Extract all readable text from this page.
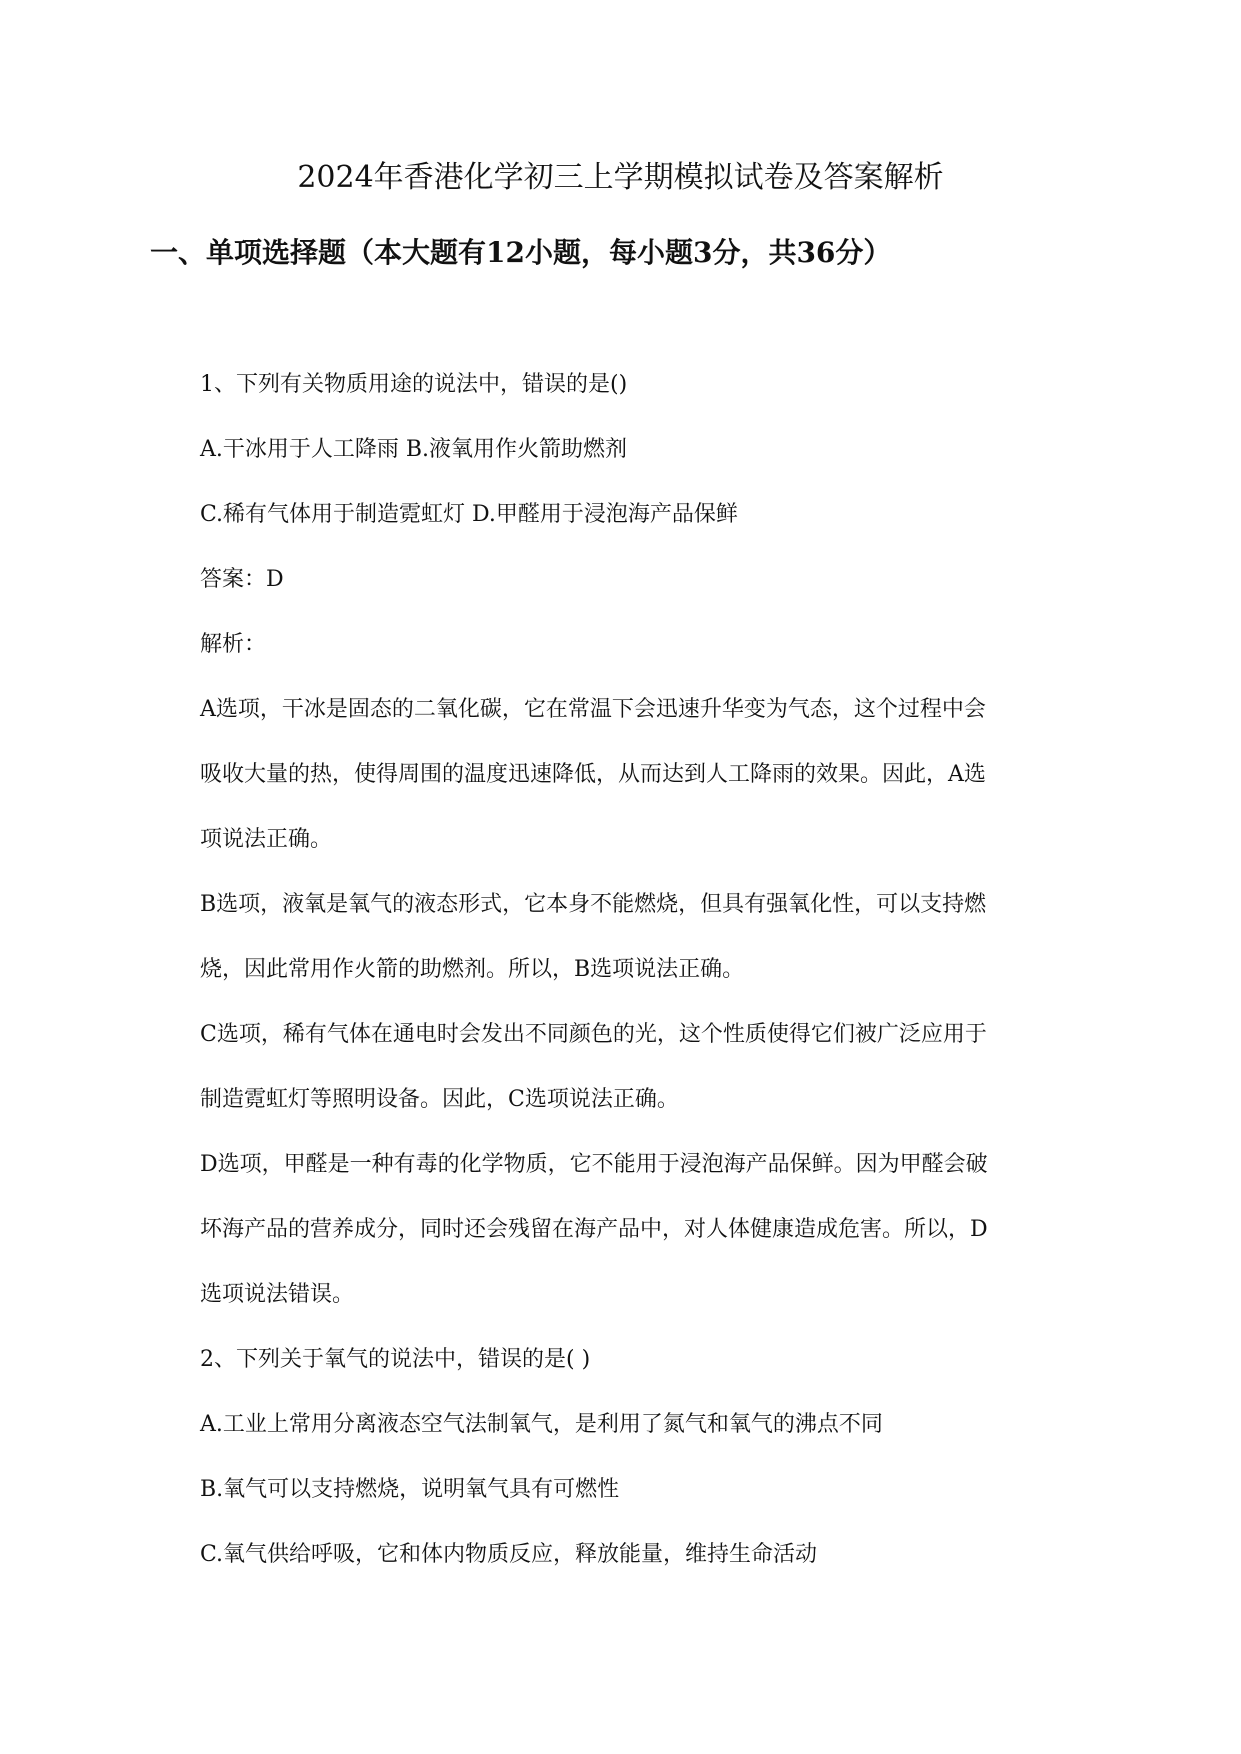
2024年香港化学初三上学期模拟试卷及答案解析
一、单项选择题（本大题有12小题，每小题3分，共36分）
1、下列有关物质用途的说法中，错误的是()
A.干冰用于人工降雨 B.液氧用作火箭助燃剂
C.稀有气体用于制造霓虹灯 D.甲醛用于浸泡海产品保鲜
答案：D
解析：
A选项，干冰是固态的二氧化碳，它在常温下会迅速升华变为气态，这个过程中会
吸收大量的热，使得周围的温度迅速降低，从而达到人工降雨的效果。因此，A选
项说法正确。
B选项，液氧是氧气的液态形式，它本身不能燃烧，但具有强氧化性，可以支持燃
烧，因此常用作火箭的助燃剂。所以，B选项说法正确。
C选项，稀有气体在通电时会发出不同颜色的光，这个性质使得它们被广泛应用于
制造霓虹灯等照明设备。因此，C选项说法正确。
D选项，甲醛是一种有毒的化学物质，它不能用于浸泡海产品保鲜。因为甲醛会破
坏海产品的营养成分，同时还会残留在海产品中，对人体健康造成危害。所以，D
选项说法错误。
2、下列关于氧气的说法中，错误的是( )
A.工业上常用分离液态空气法制氧气，是利用了氮气和氧气的沸点不同
B.氧气可以支持燃烧，说明氧气具有可燃性
C.氧气供给呼吸，它和体内物质反应，释放能量，维持生命活动
